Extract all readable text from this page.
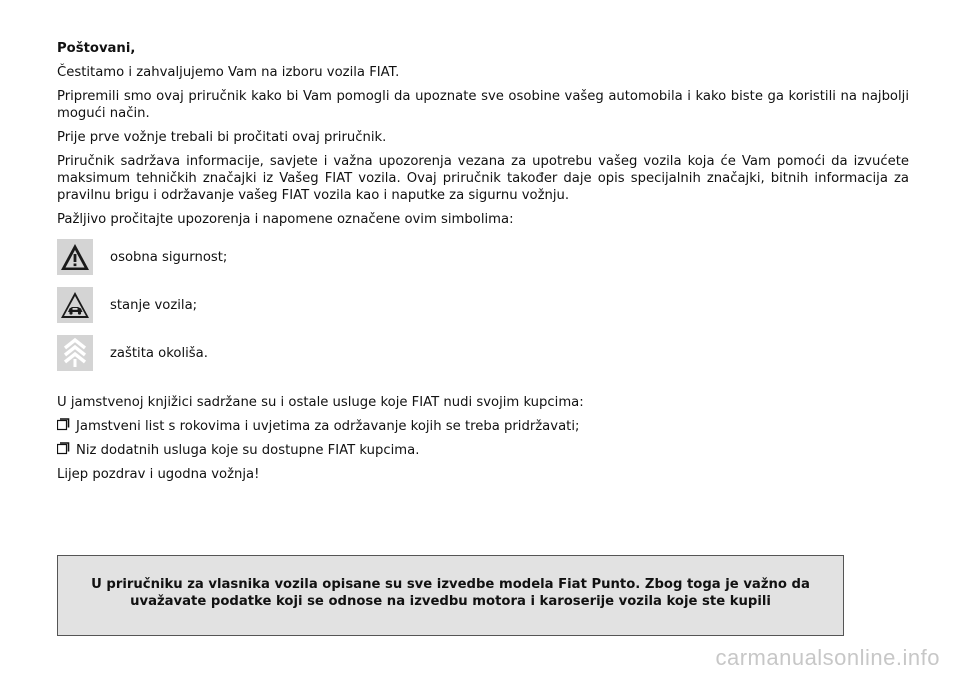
Poštovani,

Čestitamo i zahvaljujemo Vam na izboru vozila FIAT.

Pripremili smo ovaj priručnik kako bi Vam pomogli da upoznate sve osobine vašeg automobila i kako biste ga koristili na najbolji mogući način.

Prije prve vožnje trebali bi pročitati ovaj priručnik.

Priručnik sadržava informacije, savjete i važna upozorenja vezana za upotrebu vašeg vozila koja će Vam pomoći da izvućete maksimum tehničkih značajki iz Vašeg FIAT vozila. Ovaj priručnik također daje opis specijalnih značajki, bitnih informacija za pravilnu brigu i održavanje vašeg FIAT vozila kao i naputke za sigurnu vožnju.

Pažljivo pročitajte upozorenja i napomene označene ovim simbolima:

osobna sigurnost;
stanje vozila;
zaštita okoliša.

U jamstvenoj knjižici sadržane su i ostale usluge koje FIAT nudi svojim kupcima:

Jamstveni list s rokovima i uvjetima za održavanje kojih se treba pridržavati;
Niz dodatnih usluga koje su dostupne FIAT kupcima.

Lijep pozdrav i ugodna vožnja!

U priručniku za vlasnika vozila opisane su sve izvedbe modela Fiat Punto. Zbog toga je važno da uvažavate podatke koji se odnose na izvedbu motora i karoserije vozila koje ste kupili
carmanualsonline.info
